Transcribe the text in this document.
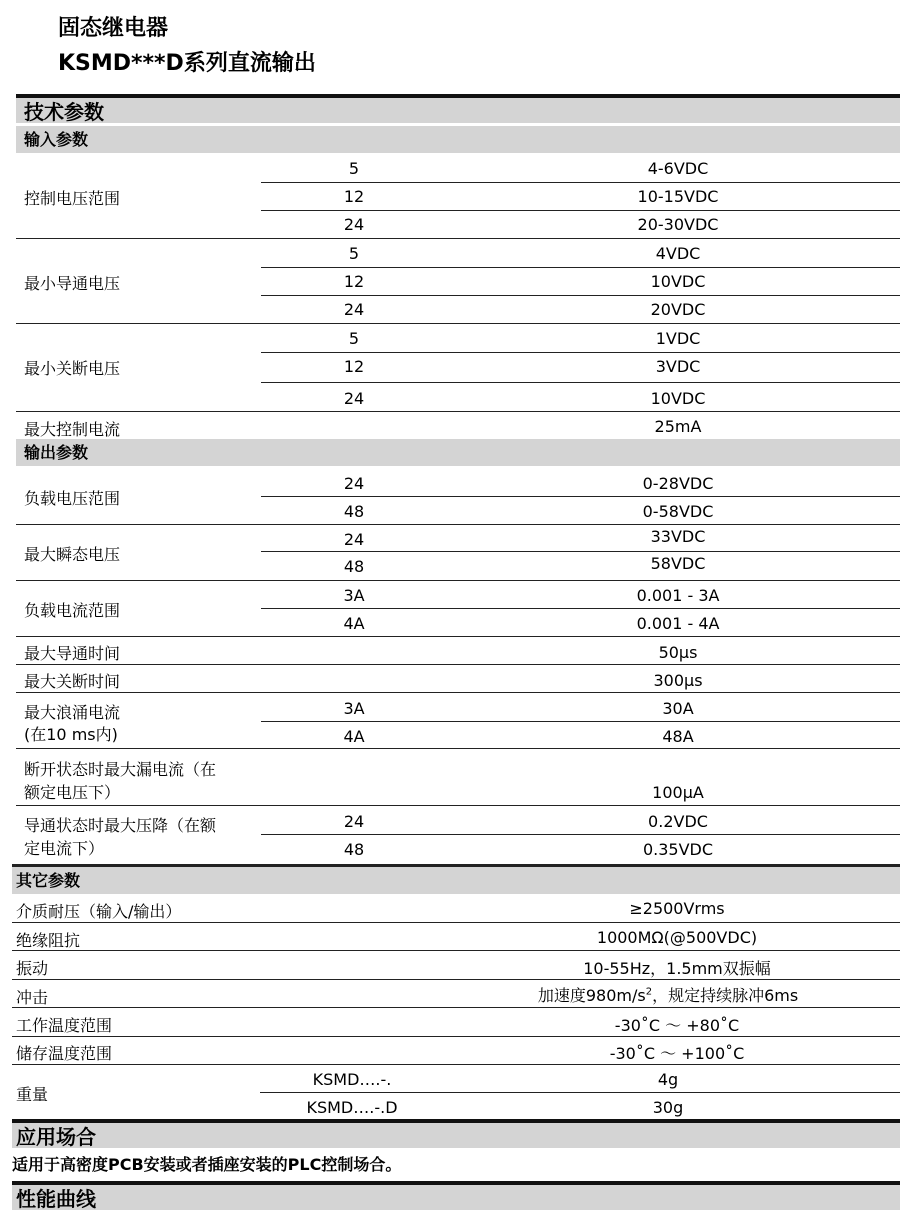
固态继电器
KSMD***D系列直流输出
技术参数
输入参数
输出参数
控制电压范围
5	4-6VDC
12	10-15VDC
24	20-30VDC
最小导通电压
5	4VDC
12	10VDC
24	20VDC
最小关断电压
5	1VDC
12	3VDC
24	10VDC
最大控制电流	25mA
负载电压范围
24	0-28VDC
48	0-58VDC
最大瞬态电压
24	33VDC
48	58VDC
负载电流范围
3A	0.001 - 3A
4A	0.001 - 4A
最大导通时间	50μs
最大关断时间	300μs
最大浪涌电流
(在10 ms内)
3A	30A
4A	48A
断开状态时最大漏电流（在
额定电压下）	100μA
导通状态时最大压降（在额
定电流下）
24	0.2VDC
48	0.35VDC
其它参数
介质耐压（输入/输出）	≥2500Vrms
绝缘阻抗	1000MΩ(@500VDC)
振动	10-55Hz，1.5mm双振幅
冲击	加速度$980m/s^2$，规定持续脉冲6ms
工作温度范围	-30˚C ～ +80˚C
储存温度范围	-30˚C ～ +100˚C
重量
KSMD….-.	4g
KSMD….-.D	30g
应用场合
适用于高密度PCB安装或者插座安装的PLC控制场合。
性能曲线
